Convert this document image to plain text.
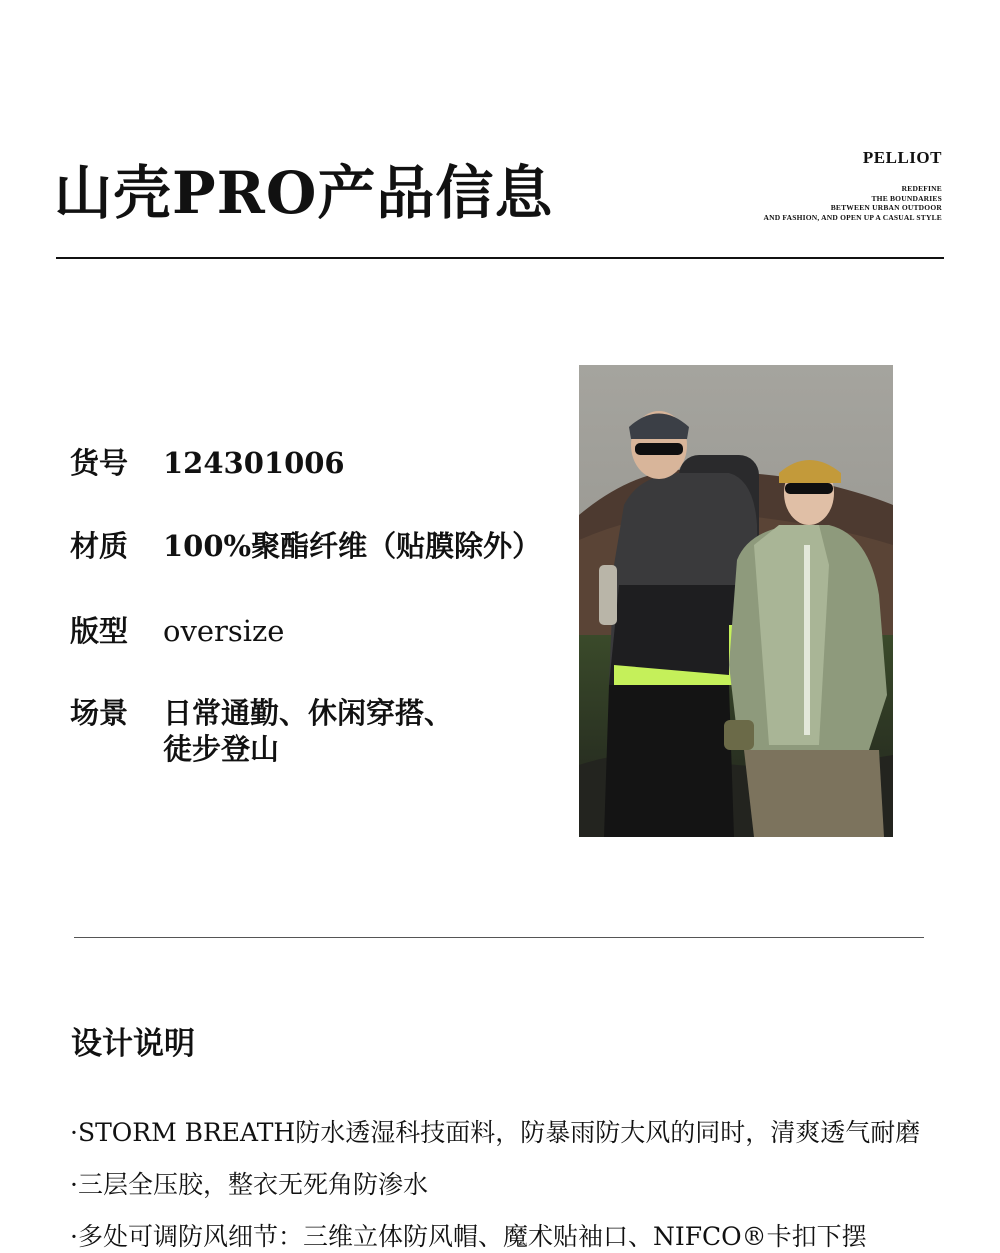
山壳PRO产品信息
PELLIOT
REDEFINE
THE BOUNDARIES
BETWEEN URBAN OUTDOOR
AND FASHION, AND OPEN UP A CASUAL STYLE
货号	124301006
材质	100%聚酯纤维（贴膜除外）
版型	oversize
场景	日常通勤、休闲穿搭、
徒步登山
设计说明
·STORM BREATH防水透湿科技面料，防暴雨防大风的同时，清爽透气耐磨
·三层全压胶，整衣无死角防渗水
·多处可调防风细节：三维立体防风帽、魔术贴袖口、NIFCO®卡扣下摆
